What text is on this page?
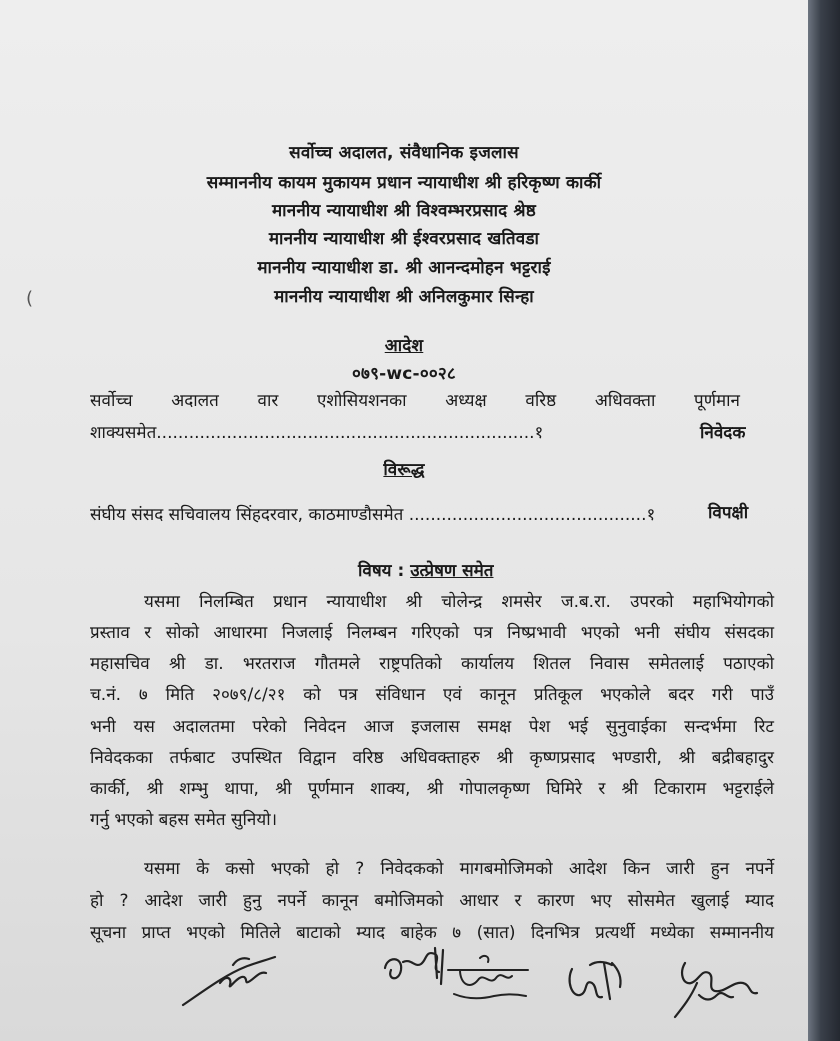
सर्वोच्च अदालत, संवैधानिक इजलास
सम्माननीय कायम मुकायम प्रधान न्यायाधीश श्री हरिकृष्ण कार्की
माननीय न्यायाधीश श्री विश्वम्भरप्रसाद श्रेष्ठ
माननीय न्यायाधीश श्री ईश्वरप्रसाद खतिवडा
माननीय न्यायाधीश डा. श्री आनन्दमोहन भट्टराई
माननीय न्यायाधीश श्री अनिलकुमार सिन्हा
(
आदेश
०७९-wc-००२८
सर्वोच्च अदालत वार एशोसियशनका अध्यक्ष वरिष्ठ अधिवक्ता पूर्णमान
शाक्यसमेत......................................................................१	निवेदक
विरूद्ध
संघीय संसद सचिवालय सिंहदरवार, काठमाण्डौसमेत ............................................१	विपक्षी
विषय : उत्प्रेषण समेत
यसमा निलम्बित प्रधान न्यायाधीश श्री चोलेन्द्र शमसेर ज.ब.रा. उपरको महाभियोगको
प्रस्ताव र सोको आधारमा निजलाई निलम्बन गरिएको पत्र निष्प्रभावी भएको भनी संघीय संसदका
महासचिव श्री डा. भरतराज गौतमले राष्ट्रपतिको कार्यालय शितल निवास समेतलाई पठाएको
च.नं. ७ मिति २०७९/८/२१ को पत्र संविधान एवं कानून प्रतिकूल भएकोले बदर गरी पाउँ
भनी यस अदालतमा परेको निवेदन आज इजलास समक्ष पेश भई सुनुवाईका सन्दर्भमा रिट
निवेदकका तर्फबाट उपस्थित विद्वान वरिष्ठ अधिवक्ताहरु श्री कृष्णप्रसाद भण्डारी, श्री बद्रीबहादुर
कार्की, श्री शम्भु थापा, श्री पूर्णमान शाक्य, श्री गोपालकृष्ण घिमिरे र श्री टिकाराम भट्टराईले
गर्नु भएको बहस समेत सुनियो।
यसमा के कसो भएको हो ? निवेदकको मागबमोजिमको आदेश किन जारी हुन नपर्ने
हो ? आदेश जारी हुनु नपर्ने कानून बमोजिमको आधार र कारण भए सोसमेत खुलाई म्याद
सूचना प्राप्त भएको मितिले बाटाको म्याद बाहेक ७ (सात) दिनभित्र प्रत्यर्थी मध्येका सम्माननीय
